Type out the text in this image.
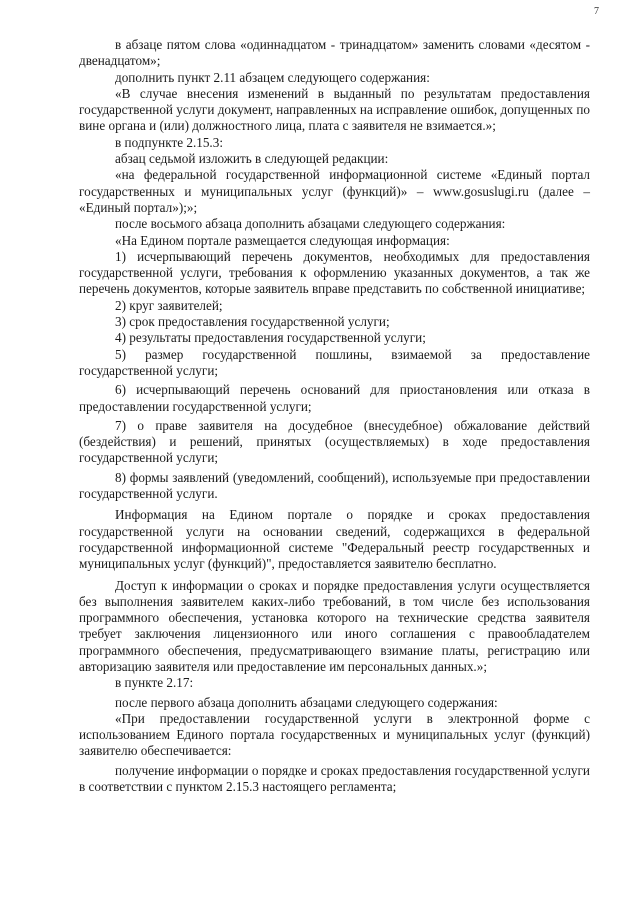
7

в абзаце пятом слова «одиннадцатом - тринадцатом» заменить словами «десятом - двенадцатом»;

дополнить пункт 2.11 абзацем следующего содержания:

«В случае внесения изменений в выданный по результатам предоставления государственной услуги документ, направленных на исправление ошибок, допущенных по вине органа и (или) должностного лица, плата с заявителя не взимается.»;

в подпункте 2.15.3:

абзац седьмой изложить в следующей редакции:

«на федеральной государственной информационной системе «Единый портал государственных и муниципальных услуг (функций)» – www.gosuslugi.ru (далее – «Единый портал»);»;

после восьмого абзаца дополнить абзацами следующего содержания:

«На Едином портале размещается следующая информация:

1) исчерпывающий перечень документов, необходимых для предоставления государственной услуги, требования к оформлению указанных документов, а так же перечень документов, которые заявитель вправе представить по собственной инициативе;

2) круг заявителей;

3) срок предоставления государственной услуги;

4) результаты предоставления государственной услуги;

5) размер государственной пошлины, взимаемой за предоставление государственной услуги;

6) исчерпывающий перечень оснований для приостановления или отказа в предоставлении государственной услуги;

7) о праве заявителя на досудебное (внесудебное) обжалование действий (бездействия) и решений, принятых (осуществляемых) в ходе предоставления государственной услуги;

8) формы заявлений (уведомлений, сообщений), используемые при предоставлении государственной услуги.

Информация на Едином портале о порядке и сроках предоставления государственной услуги на основании сведений, содержащихся в федеральной государственной информационной системе "Федеральный реестр государственных и муниципальных услуг (функций)", предоставляется заявителю бесплатно.

Доступ к информации о сроках и порядке предоставления услуги осуществляется без выполнения заявителем каких-либо требований, в том числе без использования программного обеспечения, установка которого на технические средства заявителя требует заключения лицензионного или иного соглашения с правообладателем программного обеспечения, предусматривающего взимание платы, регистрацию или авторизацию заявителя или предоставление им персональных данных.»;

в пункте 2.17:

после первого абзаца дополнить абзацами следующего содержания:

«При предоставлении государственной услуги в электронной форме с использованием Единого портала государственных и муниципальных услуг (функций) заявителю обеспечивается:

получение информации о порядке и сроках предоставления государственной услуги в соответствии с пунктом 2.15.3 настоящего регламента;
